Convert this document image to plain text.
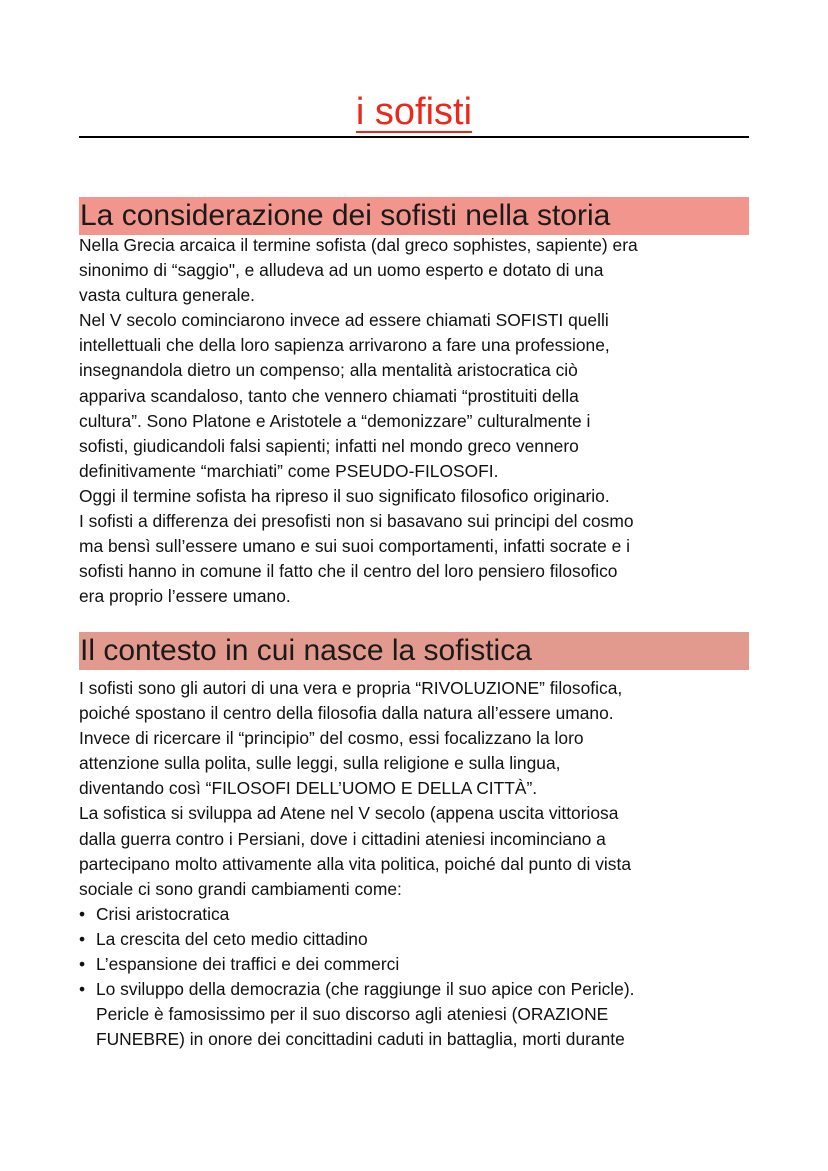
i sofisti
La considerazione dei sofisti nella storia
Nella Grecia arcaica il termine sofista (dal greco sophistes, sapiente) era
sinonimo di “saggio", e alludeva ad un uomo esperto e dotato di una
vasta cultura generale.
Nel V secolo cominciarono invece ad essere chiamati SOFISTI quelli
intellettuali che della loro sapienza arrivarono a fare una professione,
insegnandola dietro un compenso; alla mentalità aristocratica ciò
appariva scandaloso, tanto che vennero chiamati “prostituiti della
cultura”. Sono Platone e Aristotele a “demonizzare” culturalmente i
sofisti, giudicandoli falsi sapienti; infatti nel mondo greco vennero
definitivamente “marchiati” come PSEUDO-FILOSOFI.
Oggi il termine sofista ha ripreso il suo significato filosofico originario.
I sofisti a differenza dei presofisti non si basavano sui principi del cosmo
ma bensì sull’essere umano e sui suoi comportamenti, infatti socrate e i
sofisti hanno in comune il fatto che il centro del loro pensiero filosofico
era proprio l’essere umano.
Il contesto in cui nasce la sofistica
I sofisti sono gli autori di una vera e propria “RIVOLUZIONE” filosofica,
poiché spostano il centro della filosofia dalla natura all’essere umano.
Invece di ricercare il “principio” del cosmo, essi focalizzano la loro
attenzione sulla polita, sulle leggi, sulla religione e sulla lingua,
diventando così “FILOSOFI DELL’UOMO E DELLA CITTÀ”.
La sofistica si sviluppa ad Atene nel V secolo (appena uscita vittoriosa
dalla guerra contro i Persiani, dove i cittadini ateniesi incominciano a
partecipano molto attivamente alla vita politica, poiché dal punto di vista
sociale ci sono grandi cambiamenti come:
• Crisi aristocratica
• La crescita del ceto medio cittadino
• L’espansione dei traffici e dei commerci
• Lo sviluppo della democrazia (che raggiunge il suo apice con Pericle).
Pericle è famosissimo per il suo discorso agli ateniesi (ORAZIONE
FUNEBRE) in onore dei concittadini caduti in battaglia, morti durante
